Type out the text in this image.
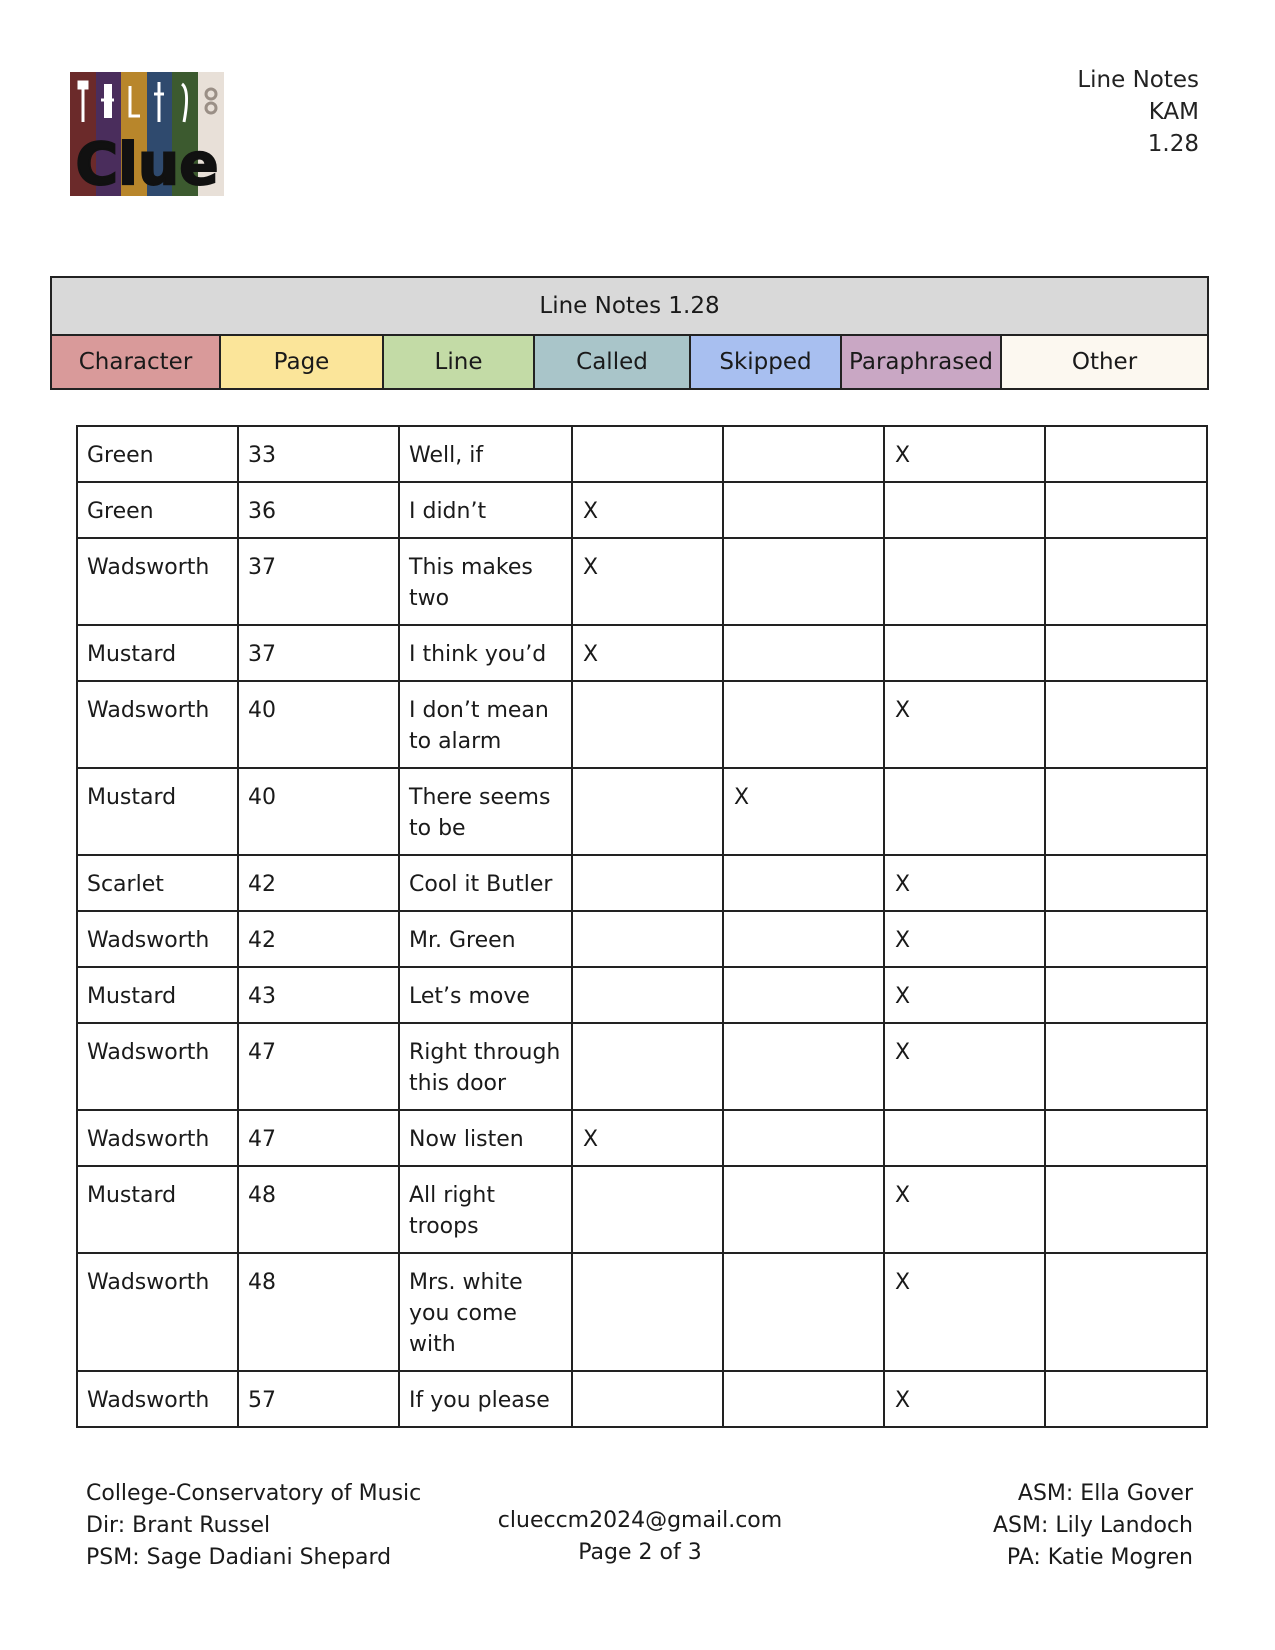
Clue
Line Notes
KAM
1.28
Line Notes 1.28
Character	Page	Line	Called	Skipped	Paraphrased	Other
Green	33	Well, if			X	
Green	36	I didn’t	X			
Wadsworth	37	This makes two	X			
Mustard	37	I think you’d	X			
Wadsworth	40	I don’t mean to alarm			X	
Mustard	40	There seems to be		X		
Scarlet	42	Cool it Butler			X	
Wadsworth	42	Mr. Green			X	
Mustard	43	Let’s move			X	
Wadsworth	47	Right through this door			X	
Wadsworth	47	Now listen	X			
Mustard	48	All right troops			X	
Wadsworth	48	Mrs. white you come with			X	
Wadsworth	57	If you please			X	
College-Conservatory of Music
Dir: Brant Russel
PSM: Sage Dadiani Shepard
clueccm2024@gmail.com
Page 2 of 3
ASM: Ella Gover
ASM: Lily Landoch
PA: Katie Mogren
